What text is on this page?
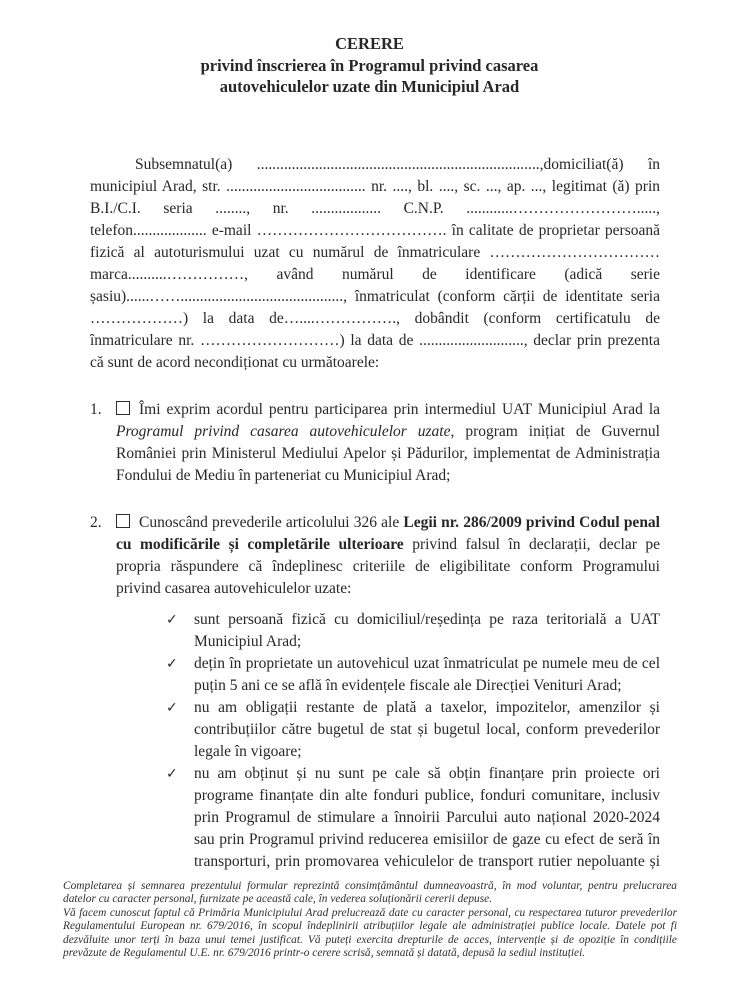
CERERE
privind înscrierea în Programul privind casarea
autovehiculelor uzate din Municipiul Arad

Subsemnatul(a) .........................................................................,domiciliat(ă) în municipiul Arad, str. .................................... nr. ...., bl. ...., sc. ..., ap. ..., legitimat (ă) prin B.I./C.I. seria ........, nr. .................. C.N.P. ............……………………....., telefon................... e-mail ………………………………. în calitate de proprietar persoană fizică al autoturismului uzat cu numărul de înmatriculare ……………………………marca..........……………, având numărul de identificare (adică serie șasiu)......…….........................................., înmatriculat (conform cărții de identitate seria ………………) la data de…....……………., dobândit (conform certificatulu de înmatriculare nr. ………………………) la data de ..........................., declar prin prezenta că sunt de acord necondiționat cu următoarele:

1. Îmi exprim acordul pentru participarea prin intermediul UAT Municipiul Arad la Programul privind casarea autovehiculelor uzate, program inițiat de Guvernul României prin Ministerul Mediului Apelor și Pădurilor, implementat de Administrația Fondului de Mediu în parteneriat cu Municipiul Arad;
2. Cunoscând prevederile articolului 326 ale Legii nr. 286/2009 privind Codul penal cu modificările și completările ulterioare privind falsul în declarații, declar pe propria răspundere că îndeplinesc criteriile de eligibilitate conform Programului privind casarea autovehiculelor uzate:
✓ sunt persoană fizică cu domiciliul/reședința pe raza teritorială a UAT Municipiul Arad;
✓ dețin în proprietate un autovehicul uzat înmatriculat pe numele meu de cel puțin 5 ani ce se află în evidențele fiscale ale Direcției Venituri Arad;
✓ nu am obligații restante de plată a taxelor, impozitelor, amenzilor și contribuțiilor către bugetul de stat și bugetul local, conform prevederilor legale în vigoare;
✓ nu am obținut și nu sunt pe cale să obțin finanțare prin proiecte ori programe finanțate din alte fonduri publice, fonduri comunitare, inclusiv prin Programul de stimulare a înnoirii Parcului auto național 2020-2024 sau prin Programul privind reducerea emisiilor de gaze cu efect de seră în transporturi, prin promovarea vehiculelor de transport rutier nepoluante și

Completarea și semnarea prezentului formular reprezintă consimțământul dumneavoastră, în mod voluntar, pentru prelucrarea datelor cu caracter personal, furnizate pe această cale, în vederea soluționării cererii depuse.

Vă facem cunoscut faptul că Primăria Municipiului Arad prelucrează date cu caracter personal, cu respectarea tuturor prevederilor Regulamentului European nr. 679/2016, în scopul îndeplinirii atribuțiilor legale ale administrației publice locale. Datele pot fi dezvăluite unor terți în baza unui temei justificat. Vă puteți exercita drepturile de acces, intervenție și de opoziție în condițiile prevăzute de Regulamentul U.E. nr. 679/2016 printr-o cerere scrisă, semnată și datată, depusă la sediul instituției.
